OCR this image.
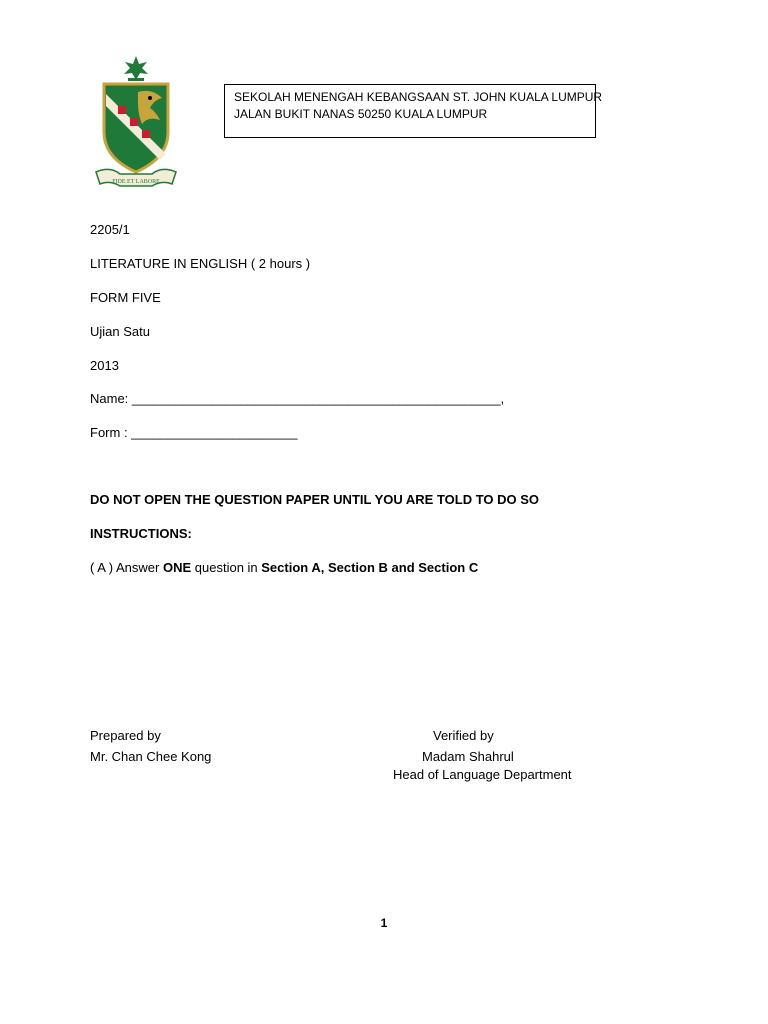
FIDE ET LABORE
SEKOLAH MENENGAH KEBANGSAAN ST. JOHN KUALA LUMPUR
JALAN BUKIT NANAS 50250 KUALA LUMPUR
2205/1
LITERATURE IN ENGLISH ( 2 hours )
FORM FIVE
Ujian Satu
2013
Name: ___________________________________________________,
Form : _______________________
DO NOT OPEN THE QUESTION PAPER UNTIL YOU ARE TOLD TO DO SO
INSTRUCTIONS:
( A ) Answer ONE question in Section A, Section B and Section C
Prepared by
Mr. Chan Chee Kong
Verified by
Madam Shahrul
Head of Language Department
1
